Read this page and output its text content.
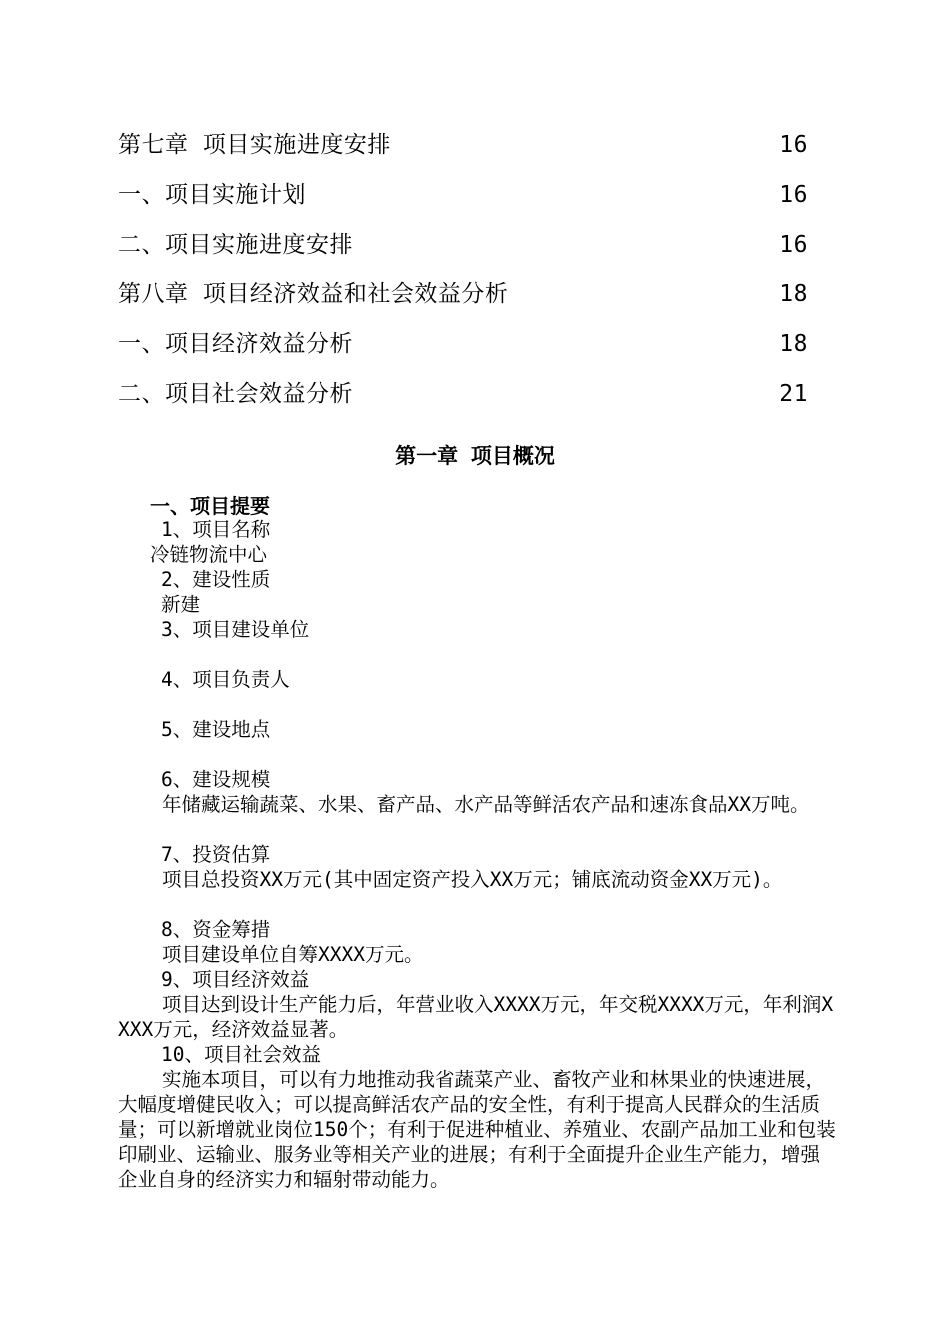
第七章 项目实施进度安排	16
一、项目实施计划	16
二、项目实施进度安排	16
第八章 项目经济效益和社会效益分析	18
一、项目经济效益分析	18
二、项目社会效益分析	21
第一章 项目概况
一、项目提要
1、项目名称
冷链物流中心
2、建设性质
新建
3、项目建设单位
4、项目负责人
5、建设地点
6、建设规模
年储藏运输蔬菜、水果、畜产品、水产品等鲜活农产品和速冻食品XX万吨。
7、投资估算
项目总投资XX万元(其中固定资产投入XX万元；铺底流动资金XX万元)。
8、资金筹措
项目建设单位自筹XXXX万元。
9、项目经济效益
项目达到设计生产能力后，年营业收入XXXX万元，年交税XXXX万元，年利润XXXX万元，经济效益显著。
10、项目社会效益
实施本项目，可以有力地推动我省蔬菜产业、畜牧产业和林果业的快速进展，大幅度增健民收入；可以提高鲜活农产品的安全性，有利于提高人民群众的生活质量；可以新增就业岗位150个；有利于促进种植业、养殖业、农副产品加工业和包装印刷业、运输业、服务业等相关产业的进展；有利于全面提升企业生产能力，增强企业自身的经济实力和辐射带动能力。
